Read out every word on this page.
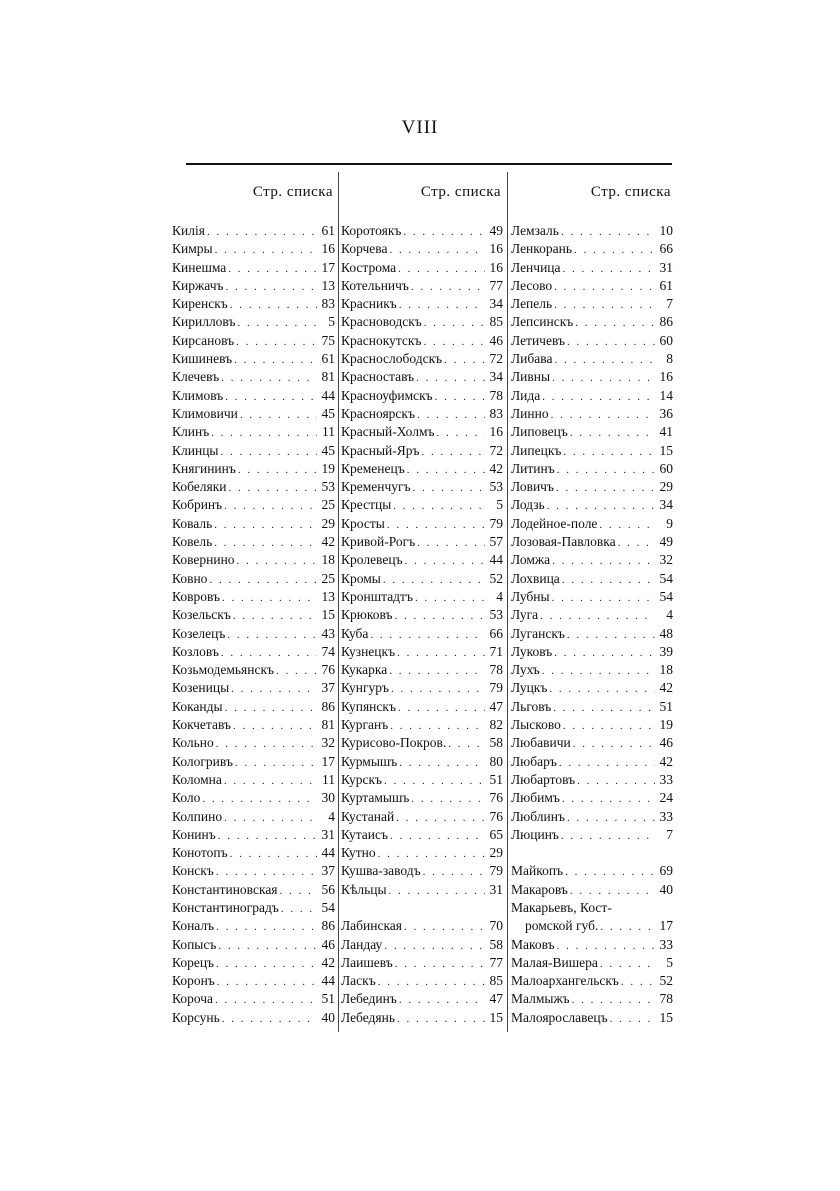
VIII
Стр. списка
Килія . . .	61
Кимры . . .	16
Кинешма . . .	17
Киржачъ . . .	13
Киренскъ . . .	83
Кирилловъ . . .	5
Кирсановъ . . .	75
Кишиневъ . . .	61
Клечевъ . . .	81
Климовъ . . .	44
Климовичи . . .	45
Клинъ . . .	11
Клинцы . . .	45
Княгининъ . . .	19
Кобеляки . . .	53
Кобринъ . . .	25
Коваль . . .	29
Ковель . . .	42
Ковернино . . .	18
Ковно . . .	25
Ковровъ . . .	13
Козельскъ . . .	15
Козелецъ . . .	43
Козловъ . . .	74
Козьмодемьянскъ . . .	76
Козеницы . . .	37
Коканды . . .	86
Кокчетавъ . . .	81
Кольно . . .	32
Кологривъ . . .	17
Коломна . . .	11
Коло . . .	30
Колпино . . .	4
Конинъ . . .	31
Конотопъ . . .	44
Конскъ . . .	37
Константиновская . . .	56
Константиноградъ . . .	54
Коналъ . . .	86
Копысъ . . .	46
Корецъ . . .	42
Коронъ . . .	44
Короча . . .	51
Корсунь . . .	40
Стр. списка
Коротоякъ . . .	49
Корчева . . .	16
Кострома . . .	16
Котельничъ . . .	77
Красникъ . . .	34
Красноводскъ . . .	85
Краснокутскъ . . .	46
Краснослободскъ . . .	72
Красноставъ . . .	34
Красноуфимскъ . . .	78
Красноярскъ . . .	83
Красный-Холмъ . . .	16
Красный-Яръ . . .	72
Кременецъ . . .	42
Кременчугъ . . .	53
Крестцы . . .	5
Кросты . . .	79
Кривой-Рогъ . . .	57
Кролевецъ . . .	44
Кромы . . .	52
Кронштадтъ . . .	4
Крюковъ . . .	53
Куба . . .	66
Кузнецкъ . . .	71
Кукарка . . .	78
Кунгуръ . . .	79
Купянскъ . . .	47
Курганъ . . .	82
Курисово-Покров. . . .	58
Курмышъ . . .	80
Курскъ . . .	51
Куртамышъ . . .	76
Кустанай . . .	76
Кутаисъ . . .	65
Кутно . . .	29
Кушва-заводъ . . .	79
Кѣльцы . . .	31
Лабинская . . .	70
Ландау . . .	58
Лаишевъ . . .	77
Ласкъ . . .	85
Лебединъ . . .	47
Лебедянь . . .	15
Стр. списка
Лемзаль . . .	10
Ленкорань . . .	66
Ленчица . . .	31
Лесово . . .	61
Лепель . . .	7
Лепсинскъ . . .	86
Летичевъ . . .	60
Либава . . .	8
Ливны . . .	16
Лида . . .	14
Линно . . .	36
Липовецъ . . .	41
Липецкъ . . .	15
Литинъ . . .	60
Ловичъ . . .	29
Лодзь . . .	34
Лодейное-поле . . .	9
Лозовая-Павловка . . .	49
Ломжа . . .	32
Лохвица . . .	54
Лубны . . .	54
Луга . . .	4
Луганскъ . . .	48
Луковъ . . .	39
Лухъ . . .	18
Луцкъ . . .	42
Льговъ . . .	51
Лысково . . .	19
Любавичи . . .	46
Любаръ . . .	42
Любартовъ . . .	33
Любимъ . . .	24
Люблинъ . . .	33
Люцинъ . . .	7
Майкопъ . . .	69
Макаровъ . . .	40
Макарьевъ, Кост-
ромской губ. . . .	17
Маковъ . . .	33
Малая-Вишера . . .	5
Малоархангельскъ . . .	52
Малмыжъ . . .	78
Малоярославецъ . . .	15
